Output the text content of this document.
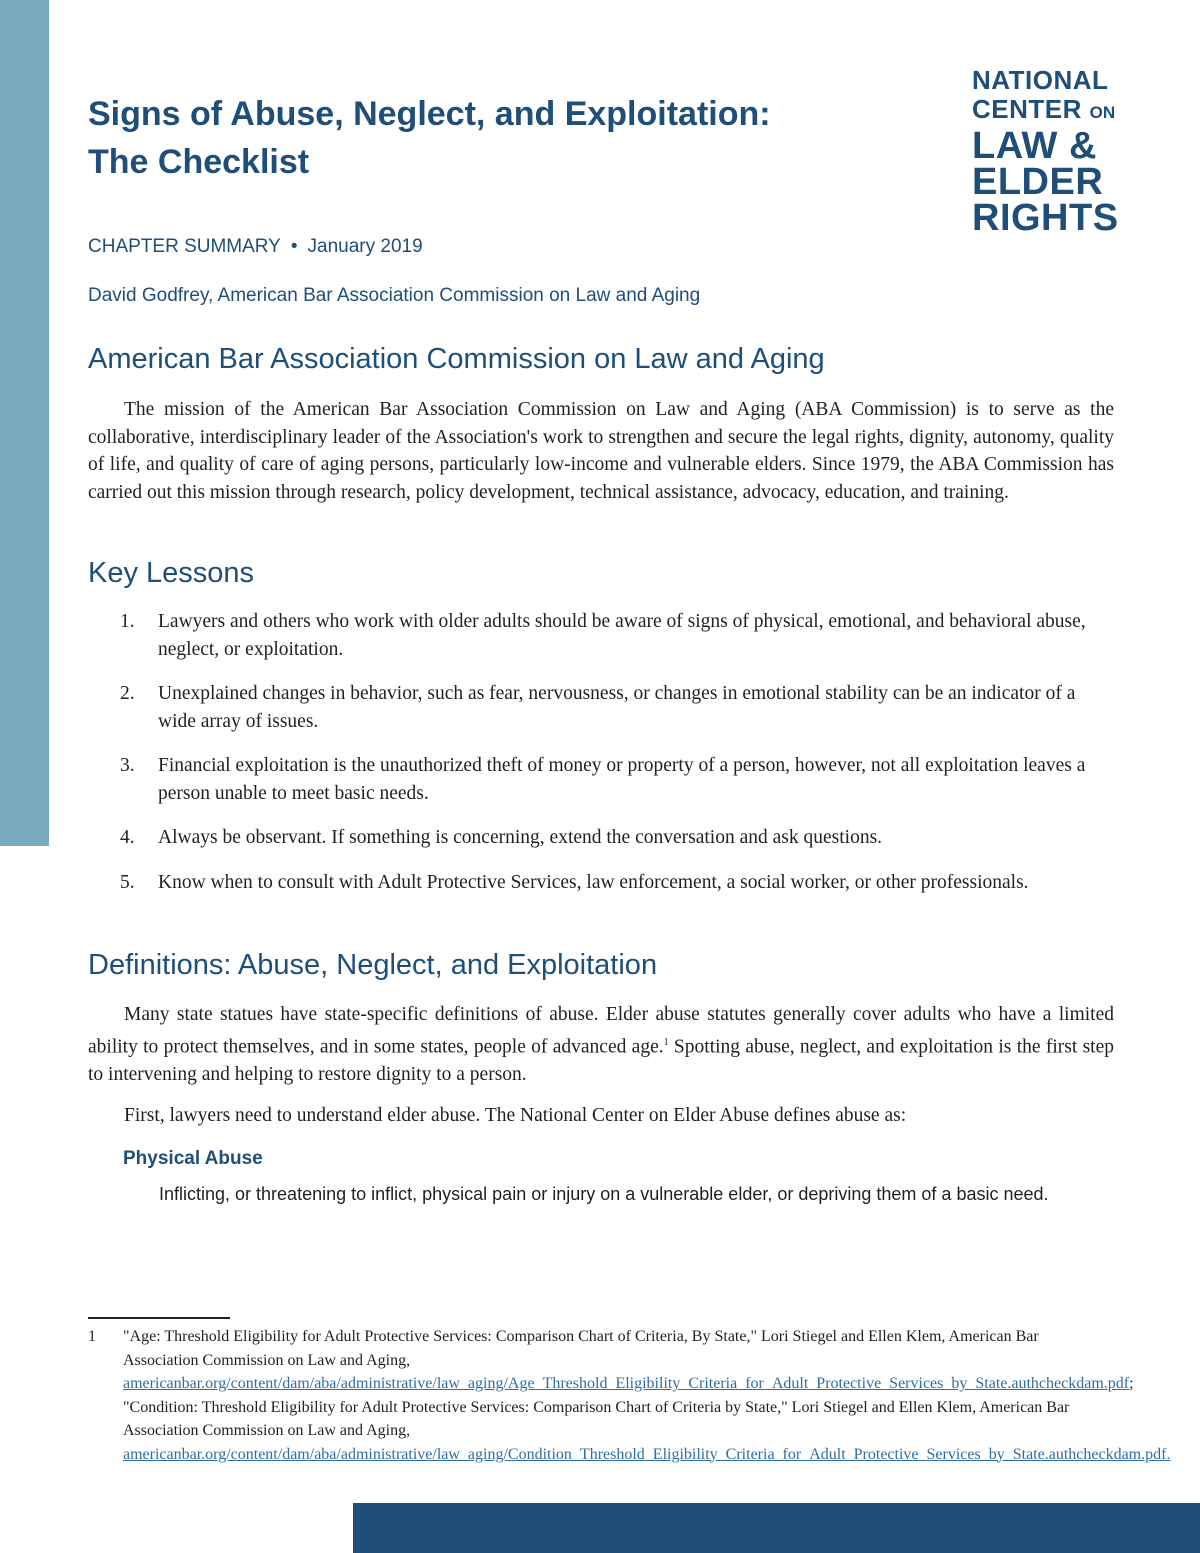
NATIONAL
CENTER ON
LAW &
ELDER
RIGHTS
Signs of Abuse, Neglect, and Exploitation:
The Checklist
CHAPTER SUMMARY • January 2019
David Godfrey, American Bar Association Commission on Law and Aging
American Bar Association Commission on Law and Aging

The mission of the American Bar Association Commission on Law and Aging (ABA Commission) is to serve as the collaborative, interdisciplinary leader of the Association's work to strengthen and secure the legal rights, dignity, autonomy, quality of life, and quality of care of aging persons, particularly low-income and vulnerable elders. Since 1979, the ABA Commission has carried out this mission through research, policy development, technical assistance, advocacy, education, and training.

Key Lessons
1. Lawyers and others who work with older adults should be aware of signs of physical, emotional, and behavioral abuse, neglect, or exploitation.
2. Unexplained changes in behavior, such as fear, nervousness, or changes in emotional stability can be an indicator of a wide array of issues.
3. Financial exploitation is the unauthorized theft of money or property of a person, however, not all exploitation leaves a person unable to meet basic needs.
4. Always be observant. If something is concerning, extend the conversation and ask questions.
5. Know when to consult with Adult Protective Services, law enforcement, a social worker, or other professionals.
Definitions: Abuse, Neglect, and Exploitation

Many state statues have state-specific definitions of abuse. Elder abuse statutes generally cover adults who have a limited ability to protect themselves, and in some states, people of advanced age.$^1$ Spotting abuse, neglect, and exploitation is the first step to intervening and helping to restore dignity to a person.

First, lawyers need to understand elder abuse. The National Center on Elder Abuse defines abuse as:

Physical Abuse

Inflicting, or threatening to inflict, physical pain or injury on a vulnerable elder, or depriving them of a basic need.

1 "Age: Threshold Eligibility for Adult Protective Services: Comparison Chart of Criteria, By State," Lori Stiegel and Ellen Klem, American Bar Association Commission on Law and Aging, americanbar.org/content/dam/aba/administrative/law_aging/Age_Threshold_Eligibility_Criteria_for_Adult_Protective_Services_by_State.authcheckdam.pdf; "Condition: Threshold Eligibility for Adult Protective Services: Comparison Chart of Criteria by State," Lori Stiegel and Ellen Klem, American Bar Association Commission on Law and Aging, americanbar.org/content/dam/aba/administrative/law_aging/Condition_Threshold_Eligibility_Criteria_for_Adult_Protective_Services_by_State.authcheckdam.pdf.
